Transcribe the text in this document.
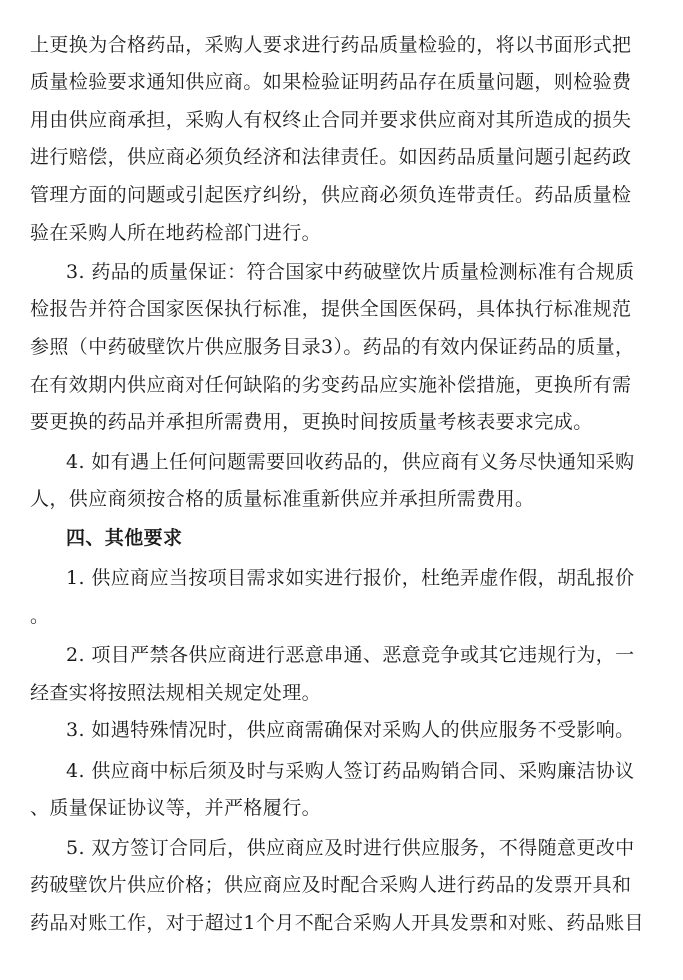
上更换为合格药品，采购人要求进行药品质量检验的，将以书面形式把
质量检验要求通知供应商。如果检验证明药品存在质量问题，则检验费
用由供应商承担，采购人有权终止合同并要求供应商对其所造成的损失
进行赔偿，供应商必须负经济和法律责任。如因药品质量问题引起药政
管理方面的问题或引起医疗纠纷，供应商必须负连带责任。药品质量检
验在采购人所在地药检部门进行。
3. 药品的质量保证：符合国家中药破壁饮片质量检测标准有合规质
检报告并符合国家医保执行标准，提供全国医保码，具体执行标准规范
参照（中药破壁饮片供应服务目录3）。药品的有效内保证药品的质量，
在有效期内供应商对任何缺陷的劣变药品应实施补偿措施，更换所有需
要更换的药品并承担所需费用，更换时间按质量考核表要求完成。
4. 如有遇上任何问题需要回收药品的，供应商有义务尽快通知采购
人，供应商须按合格的质量标准重新供应并承担所需费用。
四、其他要求
1. 供应商应当按项目需求如实进行报价，杜绝弄虚作假，胡乱报价
。
2. 项目严禁各供应商进行恶意串通、恶意竞争或其它违规行为，一
经查实将按照法规相关规定处理。
3. 如遇特殊情况时，供应商需确保对采购人的供应服务不受影响。
4. 供应商中标后须及时与采购人签订药品购销合同、采购廉洁协议
、质量保证协议等，并严格履行。
5. 双方签订合同后，供应商应及时进行供应服务，不得随意更改中
药破壁饮片供应价格；供应商应及时配合采购人进行药品的发票开具和
药品对账工作，对于超过1个月不配合采购人开具发票和对账、药品账目
